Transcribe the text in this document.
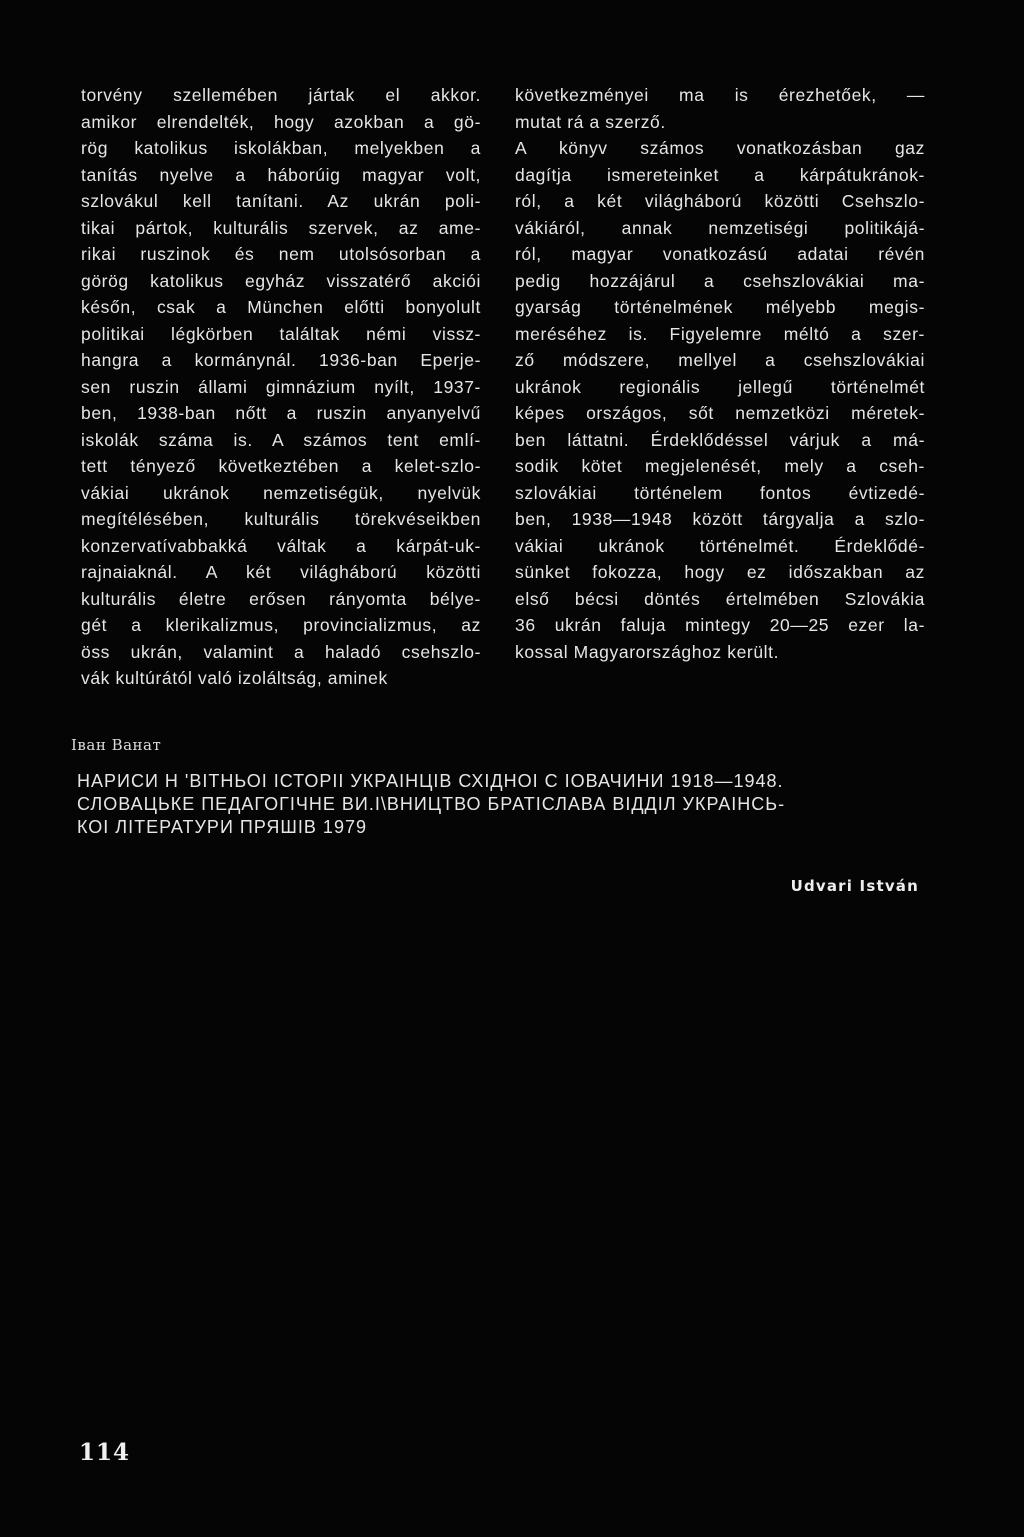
torvény szellemében jártak el akkor.
amikor elrendelték, hogy azokban a gö-
rög katolikus iskolákban, melyekben a
tanítás nyelve a háborúig magyar volt,
szlovákul kell tanítani. Az ukrán poli-
tikai pártok, kulturális szervek, az ame-
rikai ruszinok és nem utolsósorban a
görög katolikus egyház visszatérő akciói
későn, csak a München előtti bonyolult
politikai légkörben találtak némi vissz-
hangra a kormánynál. 1936-ban Eperje-
sen ruszin állami gimnázium nyílt, 1937-
ben, 1938-ban nőtt a ruszin anyanyelvű
iskolák száma is. A számos tent emlí-
tett tényező következtében a kelet-szlo-
vákiai ukránok nemzetiségük, nyelvük
megítélésében, kulturális törekvéseikben
konzervatívabbakká váltak a kárpát-uk-
rajnaiaknál. A két világháború közötti
kulturális életre erősen rányomta bélye-
gét a klerikalizmus, provincializmus, az
öss ukrán, valamint a haladó csehszlo-
vák kultúrától való izoláltság, aminek
következményei ma is érezhetőek, —
mutat rá a szerző.
A könyv számos vonatkozásban gaz
dagítja ismereteinket a kárpátukránok-
ról, a két világháború közötti Csehszlo-
vákiáról, annak nemzetiségi politikájá-
ról, magyar vonatkozású adatai révén
pedig hozzájárul a csehszlovákiai ma-
gyarság történelmének mélyebb megis-
meréséhez is. Figyelemre méltó a szer-
ző módszere, mellyel a csehszlovákiai
ukránok regionális jellegű történelmét
képes országos, sőt nemzetközi méretek-
ben láttatni. Érdeklődéssel várjuk a má-
sodik kötet megjelenését, mely a cseh-
szlovákiai történelem fontos évtizedé-
ben, 1938—1948 között tárgyalja a szlo-
vákiai ukránok történelmét. Érdeklődé-
sünket fokozza, hogy ez időszakban az
első bécsi döntés értelmében Szlovákia
36 ukrán faluja mintegy 20—25 ezer la-
kossal Magyarországhoz került.
Іван Ванат
НАРИСИ Н 'ВІТНЬОІ ІСТОРІІ УКРАІНЦІВ СХІДНОІ С ІОВАЧИНИ 1918—1948.
СЛОВАЦЬКЕ ПЕДАГОГІЧНЕ ВИ.І\ВНИЦТВО БРАТІСЛАВА ВІДДІЛ УКРАІНСЬ-
КОІ ЛІТЕРАТУРИ ПРЯШІВ 1979
Udvari István
114
